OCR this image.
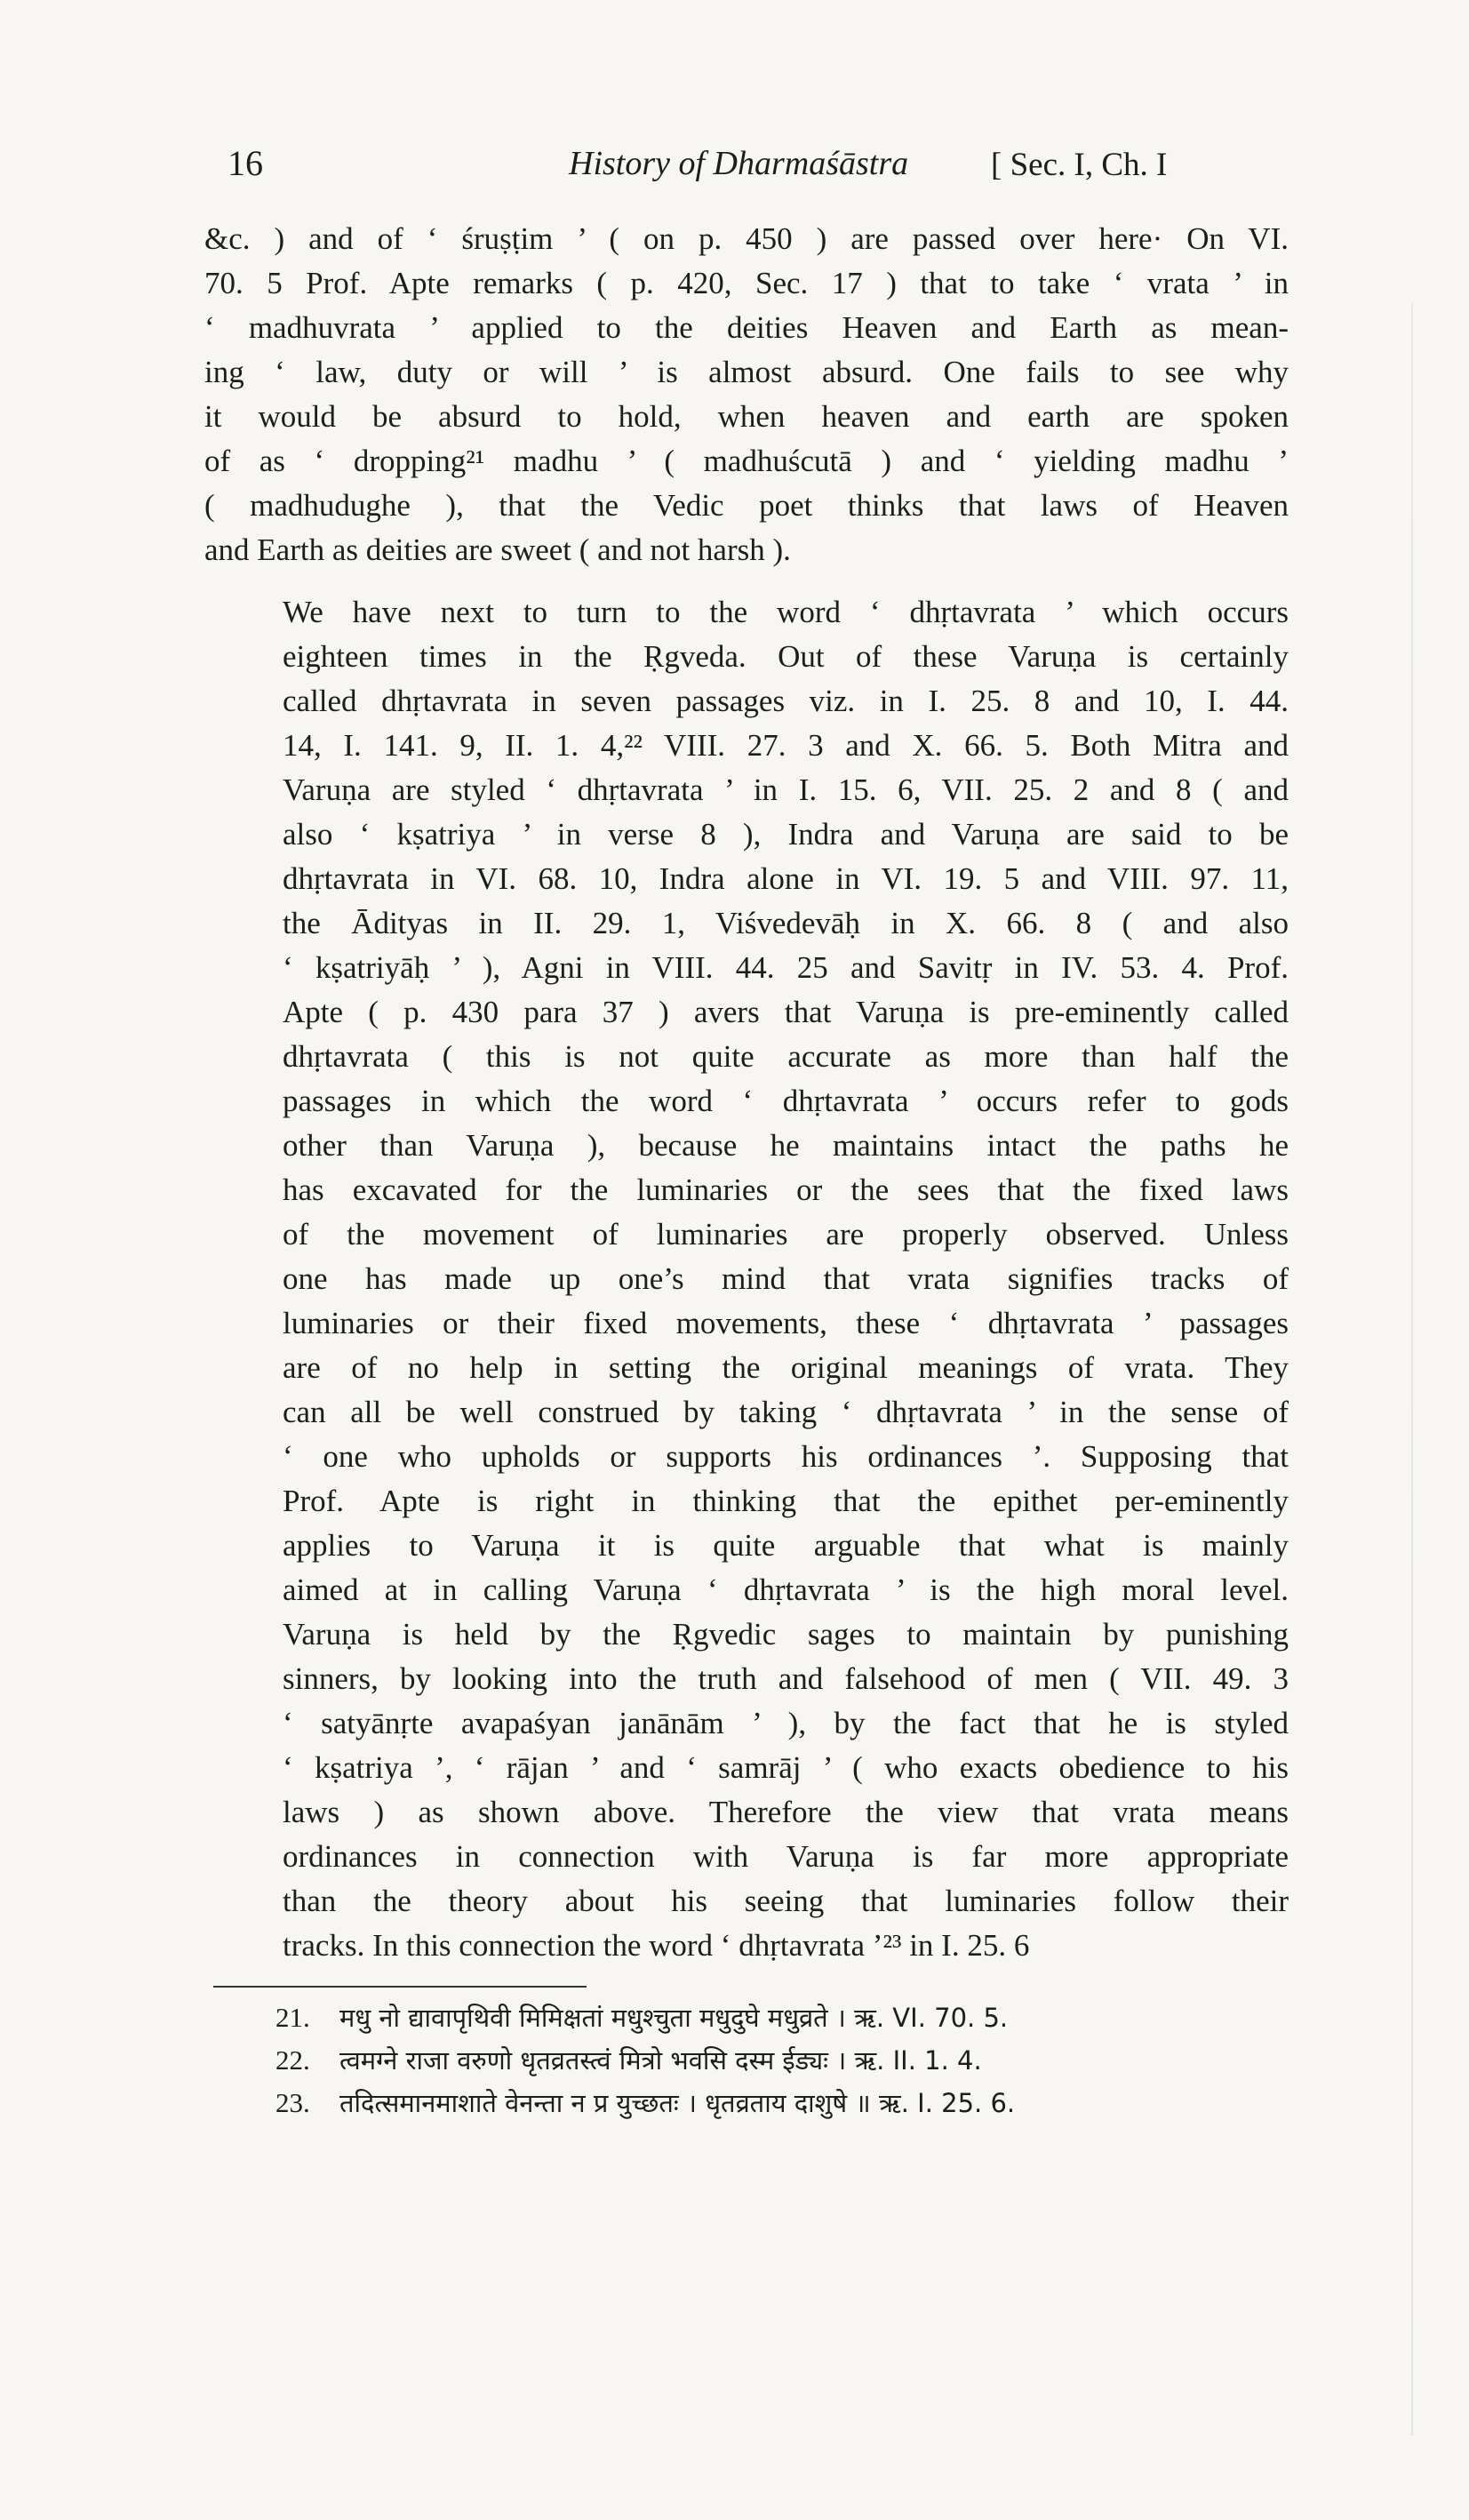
16	History of Dharmaśāstra	[ Sec. I, Ch. I

&c. ) and of ‘ śruṣṭim ’ ( on p. 450 ) are passed over here· On VI.
70. 5 Prof. Apte remarks ( p. 420, Sec. 17 ) that to take ‘ vrata ’ in
‘ madhuvrata ’ applied to the deities Heaven and Earth as mean-
ing ‘ law, duty or will ’ is almost absurd. One fails to see why
it would be absurd to hold, when heaven and earth are spoken
of as ‘ dropping²¹ madhu ’ ( madhuścutā ) and ‘ yielding madhu ’
( madhudughe ), that the Vedic poet thinks that laws of Heaven
and Earth as deities are sweet ( and not harsh ).

We have next to turn to the word ‘ dhṛtavrata ’ which occurs
eighteen times in the Ṛgveda. Out of these Varuṇa is certainly
called dhṛtavrata in seven passages viz. in I. 25. 8 and 10, I. 44.
14, I. 141. 9, II. 1. 4,²² VIII. 27. 3 and X. 66. 5. Both Mitra and
Varuṇa are styled ‘ dhṛtavrata ’ in I. 15. 6, VII. 25. 2 and 8 ( and
also ‘ kṣatriya ’ in verse 8 ), Indra and Varuṇa are said to be
dhṛtavrata in VI. 68. 10, Indra alone in VI. 19. 5 and VIII. 97. 11,
the Ādityas in II. 29. 1, Viśvedevāḥ in X. 66. 8 ( and also
‘ kṣatriyāḥ ’ ), Agni in VIII. 44. 25 and Savitṛ in IV. 53. 4. Prof.
Apte ( p. 430 para 37 ) avers that Varuṇa is pre-eminently called
dhṛtavrata ( this is not quite accurate as more than half the
passages in which the word ‘ dhṛtavrata ’ occurs refer to gods
other than Varuṇa ), because he maintains intact the paths he
has excavated for the luminaries or the sees that the fixed laws
of the movement of luminaries are properly observed. Unless
one has made up one’s mind that vrata signifies tracks of
luminaries or their fixed movements, these ‘ dhṛtavrata ’ passages
are of no help in setting the original meanings of vrata. They
can all be well construed by taking ‘ dhṛtavrata ’ in the sense of
‘ one who upholds or supports his ordinances ’. Supposing that
Prof. Apte is right in thinking that the epithet per-eminently
applies to Varuṇa it is quite arguable that what is mainly
aimed at in calling Varuṇa ‘ dhṛtavrata ’ is the high moral level.
Varuṇa is held by the Ṛgvedic sages to maintain by punishing
sinners, by looking into the truth and falsehood of men ( VII. 49. 3
‘ satyānṛte avapaśyan janānām ’ ), by the fact that he is styled
‘ kṣatriya ’, ‘ rājan ’ and ‘ samrāj ’ ( who exacts obedience to his
laws ) as shown above. Therefore the view that vrata means
ordinances in connection with Varuṇa is far more appropriate
than the theory about his seeing that luminaries follow their
tracks. In this connection the word ‘ dhṛtavrata ’²³ in I. 25. 6

21. मधु नो द्यावापृथिवी मिमिक्षतां मधुश्चुता मधुदुघे मधुव्रते । ऋ. VI. 70. 5.
22. त्वमग्ने राजा वरुणो धृतव्रतस्त्वं मित्रो भवसि दस्म ईड्यः । ऋ. II. 1. 4.
23. तदित्समानमाशाते वेनन्ता न प्र युच्छतः । धृतव्रताय दाशुषे ॥ ऋ. I. 25. 6.
